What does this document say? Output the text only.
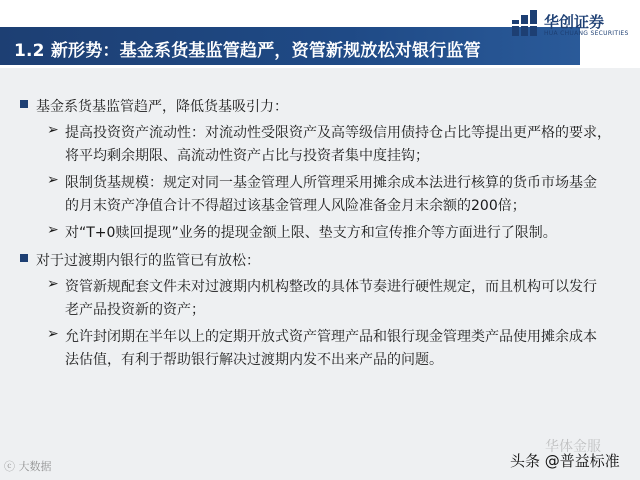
1.2 新形势：基金系货基监管趋严，资管新规放松对银行监管
华创证券
HUA CHUANG SECURITIES
基金系货基监管趋严，降低货基吸引力：
➢ 提高投资资产流动性：对流动性受限资产及高等级信用债持仓占比等提出更严格的要求，
将平均剩余期限、高流动性资产占比与投资者集中度挂钩；
➢ 限制货基规模：规定对同一基金管理人所管理采用摊余成本法进行核算的货币市场基金
的月末资产净值合计不得超过该基金管理人风险准备金月末余额的200倍；
➢ 对“T+0赎回提现”业务的提现金额上限、垫支方和宣传推介等方面进行了限制。
对于过渡期内银行的监管已有放松：
➢ 资管新规配套文件未对过渡期内机构整改的具体节奏进行硬性规定，而且机构可以发行
老产品投资新的资产；
➢ 允许封闭期在半年以上的定期开放式资产管理产品和银行现金管理类产品使用摊余成本
法估值，有利于帮助银行解决过渡期内发不出来产品的问题。
ⓒ 大数据
华体金服
头条 @普益标准
